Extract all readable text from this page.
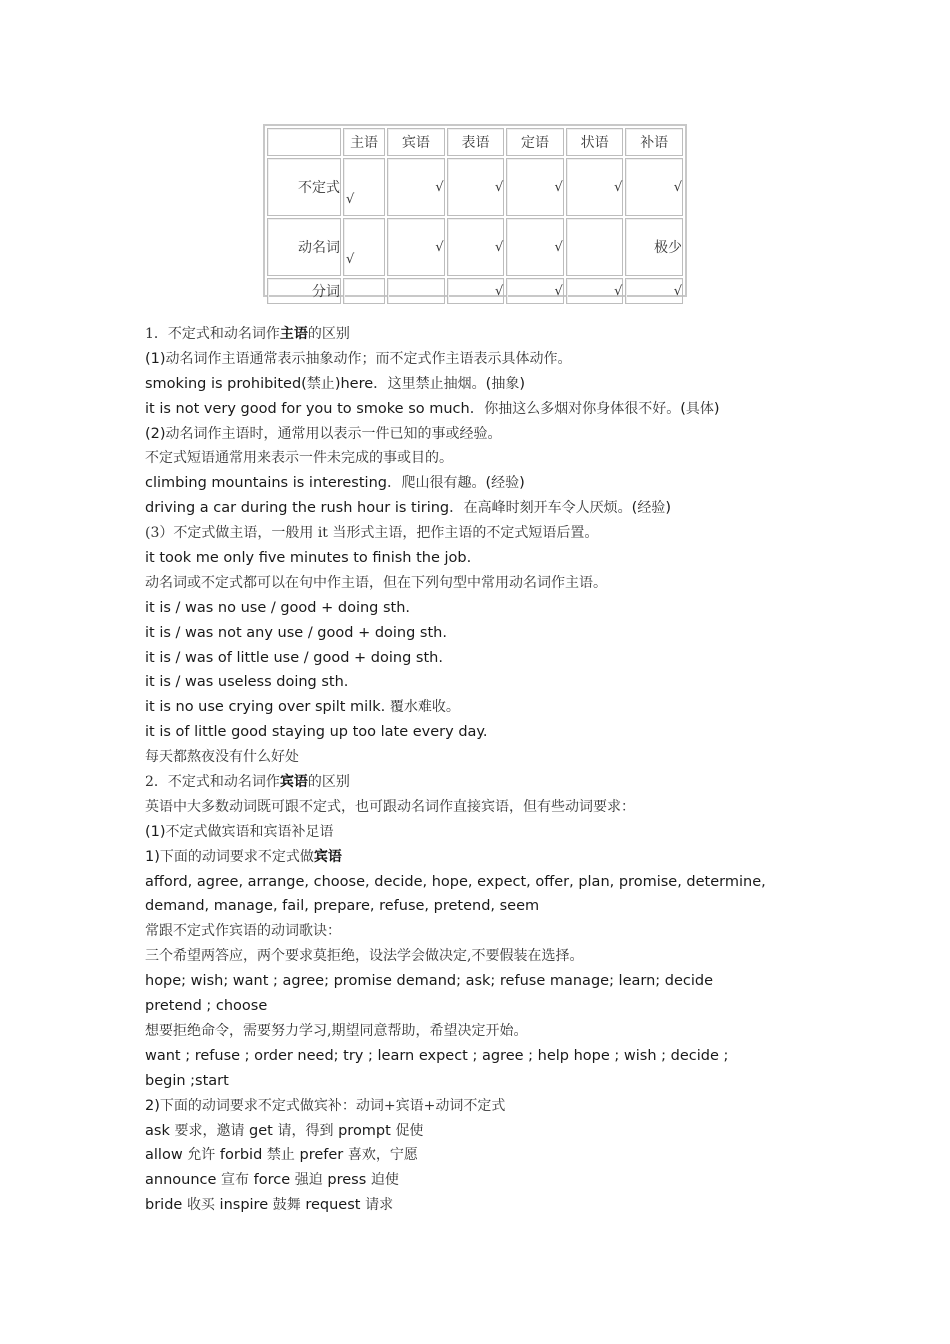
	主语	宾语	表语	定语	状语	补语
不定式	√	√	√	√	√	√
动名词	√	√	√	√		极少
分词			√	√	√	√
1．不定式和动名词作主语的区别
(1)动名词作主语通常表示抽象动作；而不定式作主语表示具体动作。
smoking is prohibited(禁止)here．这里禁止抽烟。(抽象)
it is not very good for you to smoke so much．你抽这么多烟对你身体很不好。(具体)
(2)动名词作主语时，通常用以表示一件已知的事或经验。
不定式短语通常用来表示一件未完成的事或目的。
climbing mountains is interesting．爬山很有趣。(经验)
driving a car during the rush hour is tiring．在高峰时刻开车令人厌烦。(经验)
(3）不定式做主语，一般用 it 当形式主语，把作主语的不定式短语后置。
it took me only five minutes to finish the job.
动名词或不定式都可以在句中作主语，但在下列句型中常用动名词作主语。
it is / was no use / good + doing sth.
it is / was not any use / good + doing sth.
it is / was of little use / good + doing sth.
it is / was useless doing sth.
it is no use crying over spilt milk. 覆水难收。
it is of little good staying up too late every day.
每天都熬夜没有什么好处
2．不定式和动名词作宾语的区别
英语中大多数动词既可跟不定式，也可跟动名词作直接宾语，但有些动词要求：
(1)不定式做宾语和宾语补足语
1)下面的动词要求不定式做宾语
afford, agree, arrange, choose, decide, hope, expect, offer, plan, promise, determine,
demand, manage, fail, prepare, refuse, pretend, seem
常跟不定式作宾语的动词歌诀：
三个希望两答应，两个要求莫拒绝，设法学会做决定,不要假装在选择。
hope; wish; want ; agree; promise demand; ask; refuse manage; learn; decide
pretend ; choose
想要拒绝命令，需要努力学习,期望同意帮助，希望决定开始。
want ; refuse ; order need; try ; learn expect ; agree ; help hope ; wish ; decide ;
begin ;start
2)下面的动词要求不定式做宾补：动词+宾语+动词不定式
ask 要求，邀请 get 请，得到 prompt 促使
allow 允许 forbid 禁止 prefer 喜欢，宁愿
announce 宣布 force 强迫 press 迫使
bride 收买 inspire 鼓舞 request 请求
